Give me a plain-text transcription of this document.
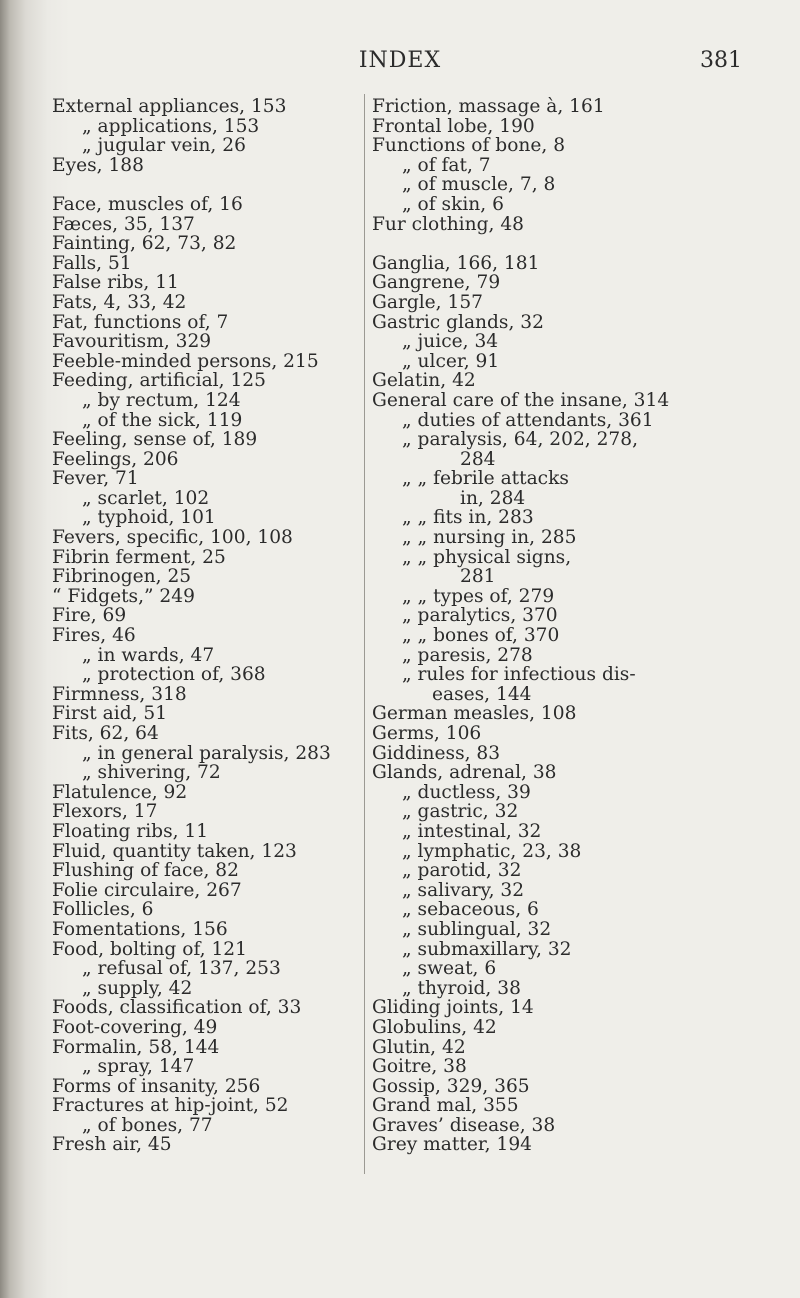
INDEX	381
External appliances, 153
„ applications, 153
„ jugular vein, 26
Eyes, 188
Face, muscles of, 16
Fæces, 35, 137
Fainting, 62, 73, 82
Falls, 51
False ribs, 11
Fats, 4, 33, 42
Fat, functions of, 7
Favouritism, 329
Feeble-minded persons, 215
Feeding, artificial, 125
„ by rectum, 124
„ of the sick, 119
Feeling, sense of, 189
Feelings, 206
Fever, 71
„ scarlet, 102
„ typhoid, 101
Fevers, specific, 100, 108
Fibrin ferment, 25
Fibrinogen, 25
“ Fidgets,” 249
Fire, 69
Fires, 46
„ in wards, 47
„ protection of, 368
Firmness, 318
First aid, 51
Fits, 62, 64
„ in general paralysis, 283
„ shivering, 72
Flatulence, 92
Flexors, 17
Floating ribs, 11
Fluid, quantity taken, 123
Flushing of face, 82
Folie circulaire, 267
Follicles, 6
Fomentations, 156
Food, bolting of, 121
„ refusal of, 137, 253
„ supply, 42
Foods, classification of, 33
Foot-covering, 49
Formalin, 58, 144
„ spray, 147
Forms of insanity, 256
Fractures at hip-joint, 52
„ of bones, 77
Fresh air, 45
Friction, massage à, 161
Frontal lobe, 190
Functions of bone, 8
„ of fat, 7
„ of muscle, 7, 8
„ of skin, 6
Fur clothing, 48
Ganglia, 166, 181
Gangrene, 79
Gargle, 157
Gastric glands, 32
„ juice, 34
„ ulcer, 91
Gelatin, 42
General care of the insane, 314
„ duties of attendants, 361
„ paralysis, 64, 202, 278,
284
„ „ febrile attacks
in, 284
„ „ fits in, 283
„ „ nursing in, 285
„ „ physical signs,
281
„ „ types of, 279
„ paralytics, 370
„ „ bones of, 370
„ paresis, 278
„ rules for infectious dis-
eases, 144
German measles, 108
Germs, 106
Giddiness, 83
Glands, adrenal, 38
„ ductless, 39
„ gastric, 32
„ intestinal, 32
„ lymphatic, 23, 38
„ parotid, 32
„ salivary, 32
„ sebaceous, 6
„ sublingual, 32
„ submaxillary, 32
„ sweat, 6
„ thyroid, 38
Gliding joints, 14
Globulins, 42
Glutin, 42
Goitre, 38
Gossip, 329, 365
Grand mal, 355
Graves’ disease, 38
Grey matter, 194
